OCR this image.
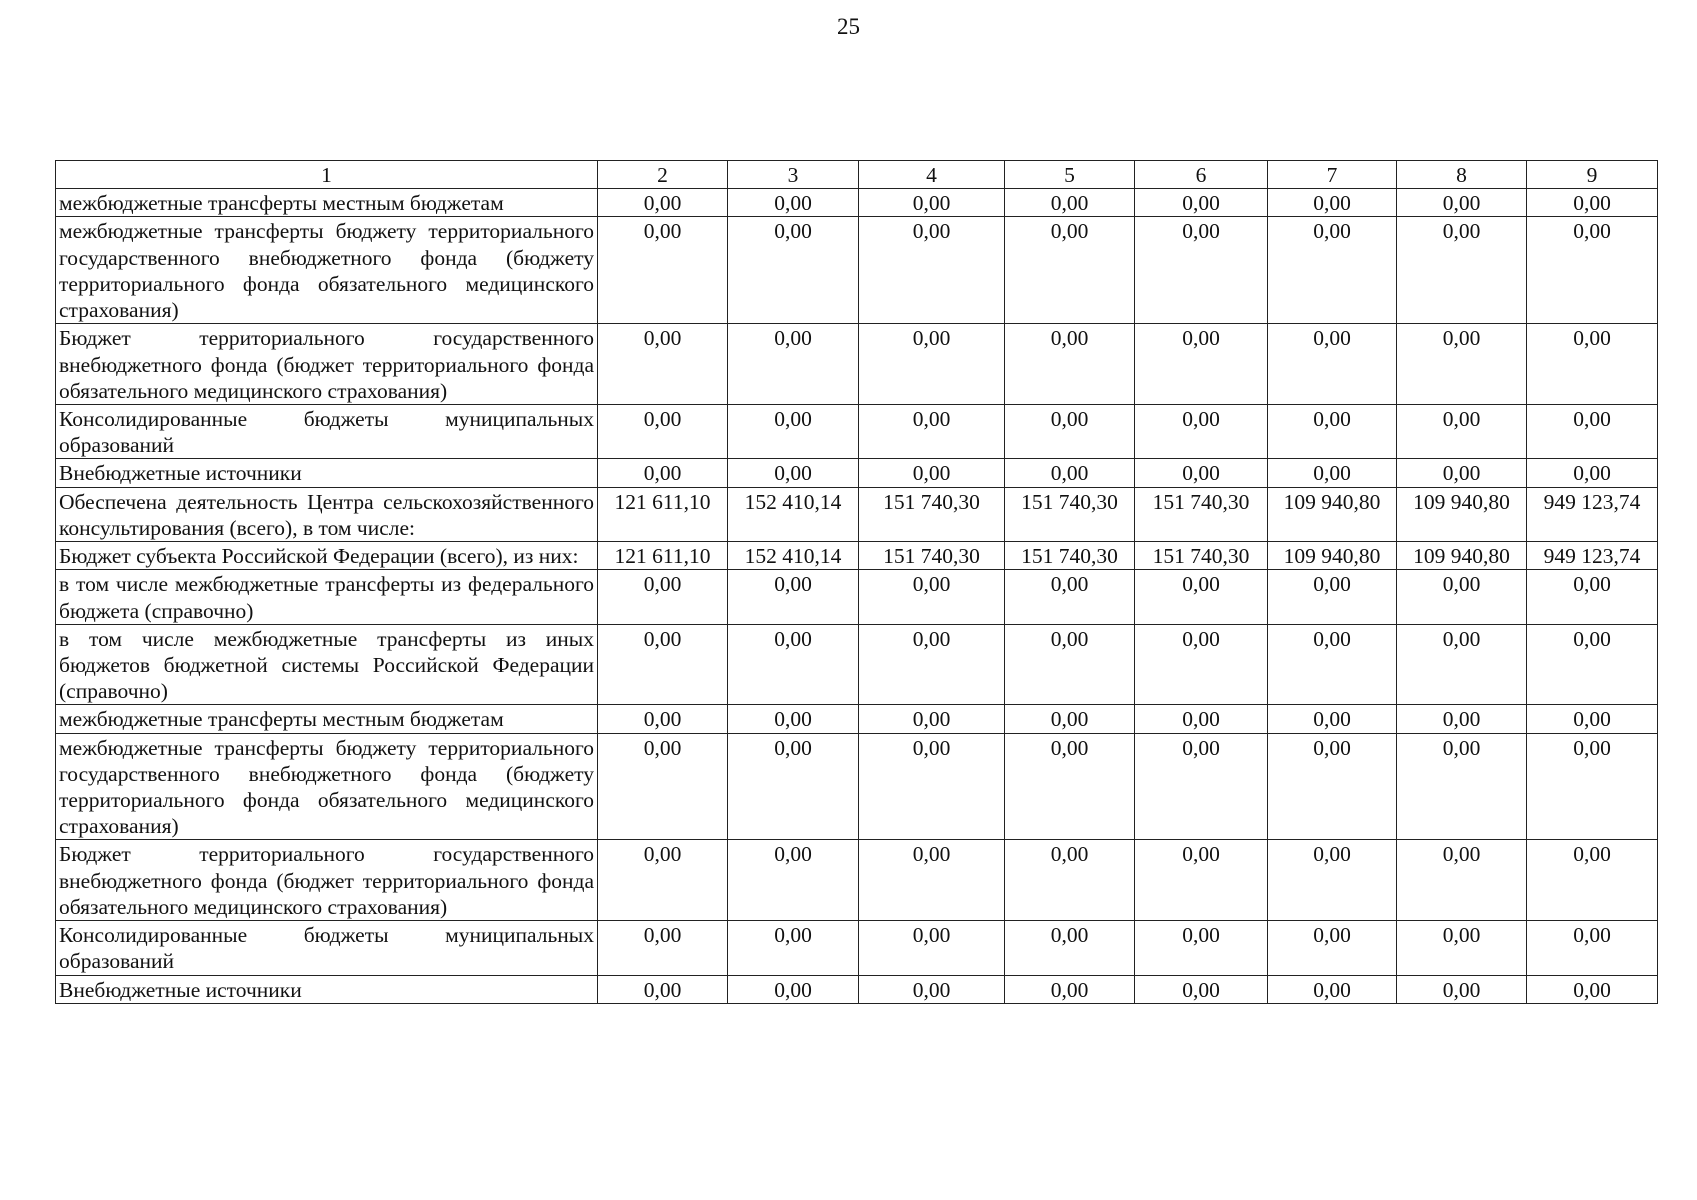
25
1	2	3	4	5	6	7	8	9
межбюджетные трансферты местным бюджетам	0,00	0,00	0,00	0,00	0,00	0,00	0,00	0,00
межбюджетные трансферты бюджету территориального государственного внебюджетного фонда (бюджету территориального фонда обязательного медицинского страхования)	0,00	0,00	0,00	0,00	0,00	0,00	0,00	0,00
Бюджет территориального государственного внебюджетного фонда (бюджет территориального фонда обязательного медицинского страхования)	0,00	0,00	0,00	0,00	0,00	0,00	0,00	0,00
Консолидированные бюджеты муниципальных образований	0,00	0,00	0,00	0,00	0,00	0,00	0,00	0,00
Внебюджетные источники	0,00	0,00	0,00	0,00	0,00	0,00	0,00	0,00
Обеспечена деятельность Центра сельскохозяйственного консультирования (всего), в том числе:	121 611,10	152 410,14	151 740,30	151 740,30	151 740,30	109 940,80	109 940,80	949 123,74
Бюджет субъекта Российской Федерации (всего), из них:	121 611,10	152 410,14	151 740,30	151 740,30	151 740,30	109 940,80	109 940,80	949 123,74
в том числе межбюджетные трансферты из федерального бюджета (справочно)	0,00	0,00	0,00	0,00	0,00	0,00	0,00	0,00
в том числе межбюджетные трансферты из иных бюджетов бюджетной системы Российской Федерации (справочно)	0,00	0,00	0,00	0,00	0,00	0,00	0,00	0,00
межбюджетные трансферты местным бюджетам	0,00	0,00	0,00	0,00	0,00	0,00	0,00	0,00
межбюджетные трансферты бюджету территориального государственного внебюджетного фонда (бюджету территориального фонда обязательного медицинского страхования)	0,00	0,00	0,00	0,00	0,00	0,00	0,00	0,00
Бюджет территориального государственного внебюджетного фонда (бюджет территориального фонда обязательного медицинского страхования)	0,00	0,00	0,00	0,00	0,00	0,00	0,00	0,00
Консолидированные бюджеты муниципальных образований	0,00	0,00	0,00	0,00	0,00	0,00	0,00	0,00
Внебюджетные источники	0,00	0,00	0,00	0,00	0,00	0,00	0,00	0,00
